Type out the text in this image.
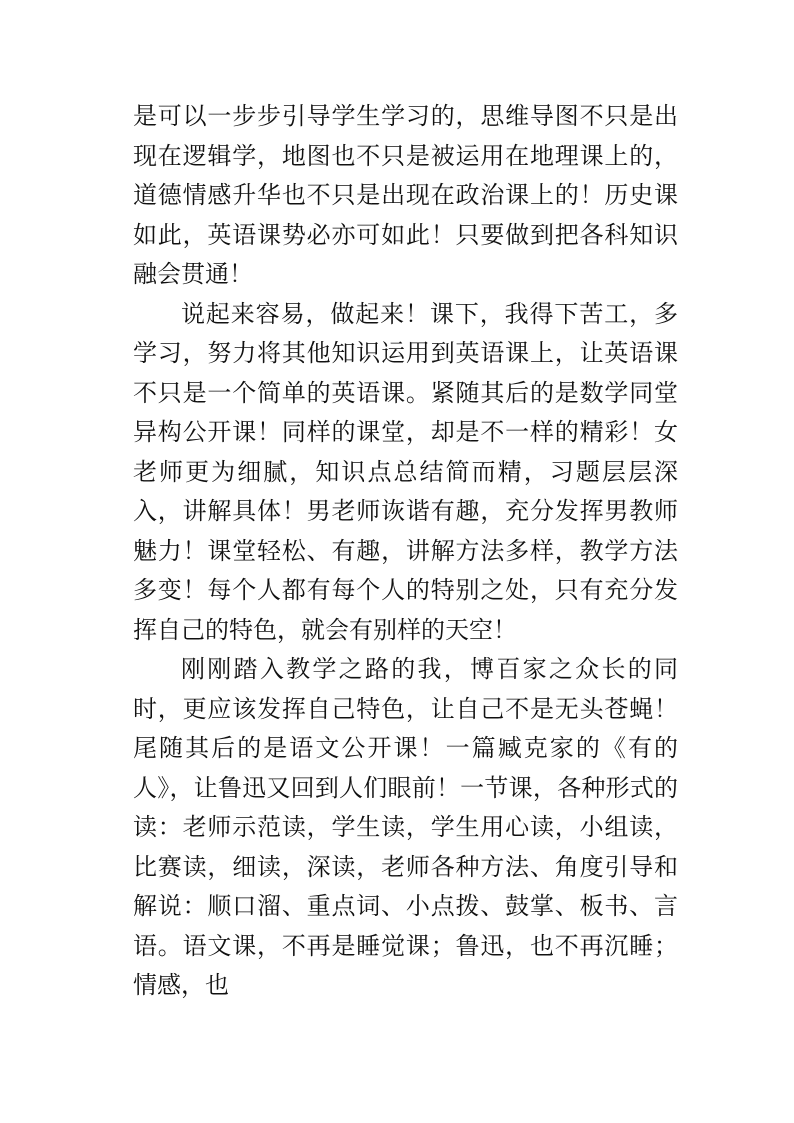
是可以一步步引导学生学习的，思维导图不只是出现在逻辑学，地图也不只是被运用在地理课上的，道德情感升华也不只是出现在政治课上的！历史课如此，英语课势必亦可如此！只要做到把各科知识融会贯通！

说起来容易，做起来！课下，我得下苦工，多学习，努力将其他知识运用到英语课上，让英语课不只是一个简单的英语课。紧随其后的是数学同堂异构公开课！同样的课堂，却是不一样的精彩！女老师更为细腻，知识点总结简而精，习题层层深入，讲解具体！男老师诙谐有趣，充分发挥男教师魅力！课堂轻松、有趣，讲解方法多样，教学方法多变！每个人都有每个人的特别之处，只有充分发挥自己的特色，就会有别样的天空！

刚刚踏入教学之路的我，博百家之众长的同时，更应该发挥自己特色，让自己不是无头苍蝇！尾随其后的是语文公开课！一篇臧克家的《有的人》，让鲁迅又回到人们眼前！一节课，各种形式的读：老师示范读，学生读，学生用心读，小组读，比赛读，细读，深读，老师各种方法、角度引导和解说：顺口溜、重点词、小点拨、鼓掌、板书、言语。语文课，不再是睡觉课；鲁迅，也不再沉睡；情感，也
